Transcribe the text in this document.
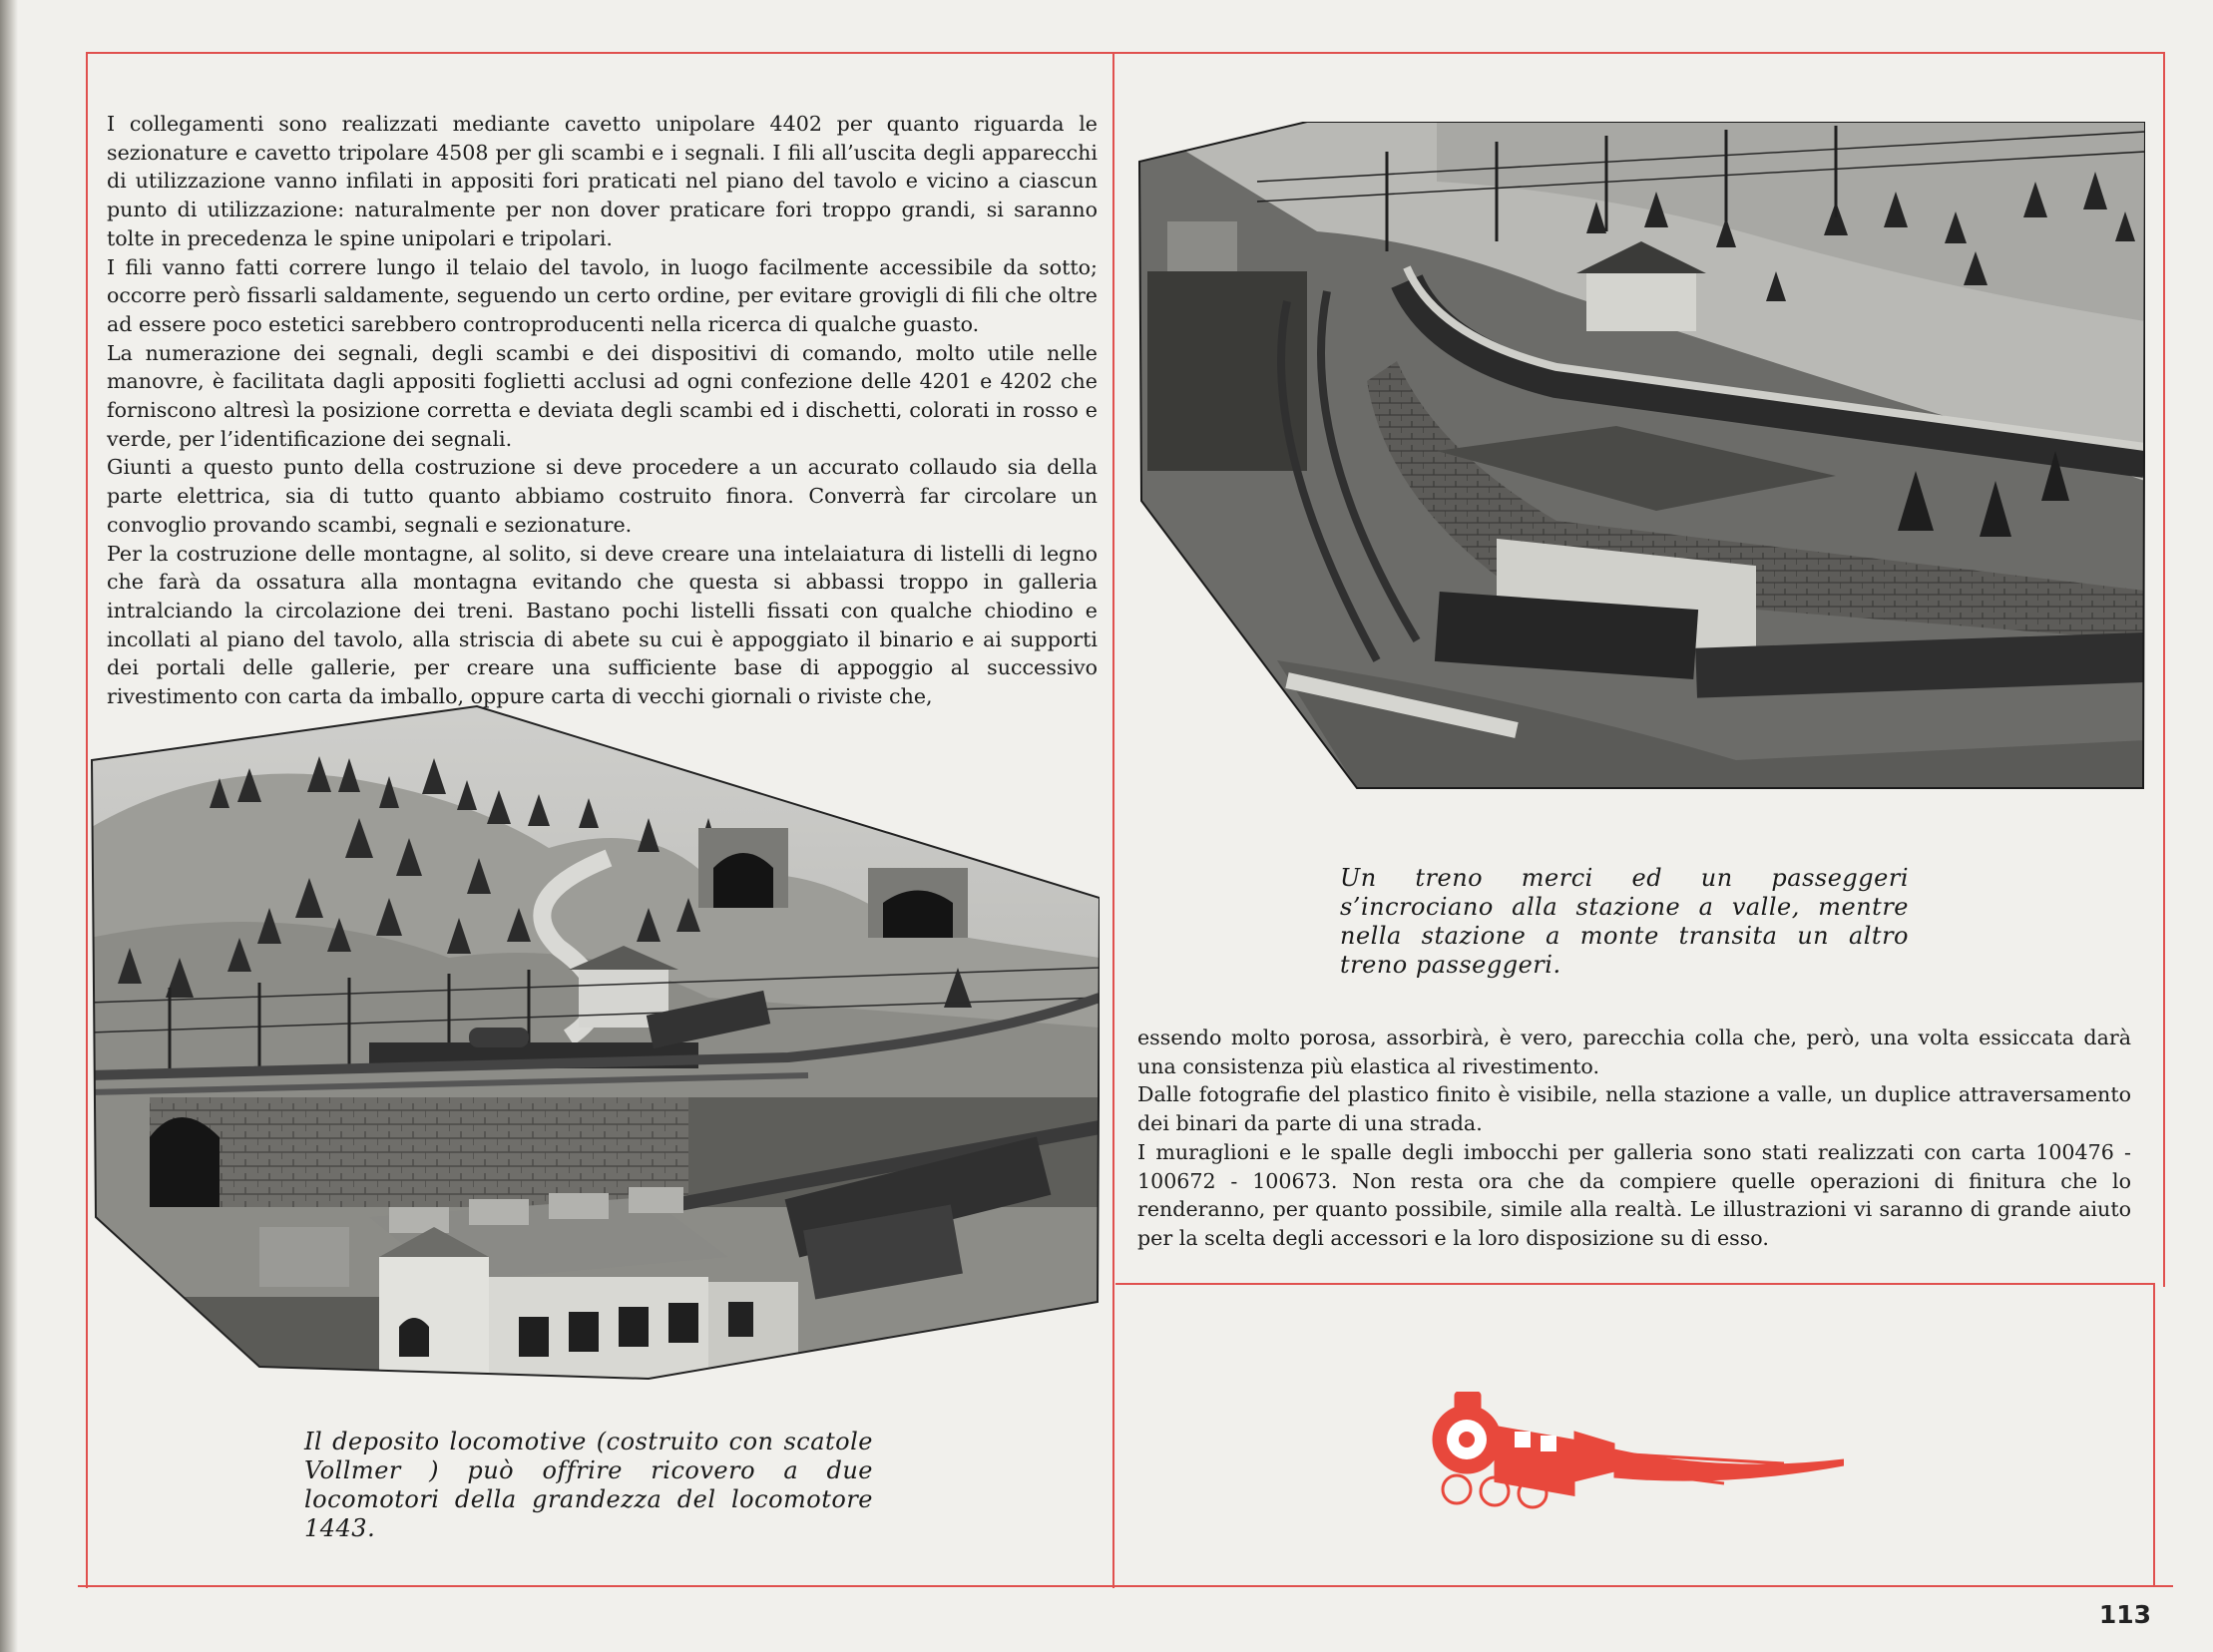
I collegamenti sono realizzati mediante cavetto unipolare 4402 per quanto riguarda le sezionature e cavetto tripolare 4508 per gli scambi e i segnali. I fili all’uscita degli apparecchi di utilizzazione vanno infilati in appositi fori praticati nel piano del tavolo e vicino a ciascun punto di utilizzazione: naturalmente per non dover praticare fori troppo grandi, si saranno tolte in precedenza le spine unipolari e tripolari.

I fili vanno fatti correre lungo il telaio del tavolo, in luogo facilmente accessibile da sotto; occorre però fissarli saldamente, seguendo un certo ordine, per evitare grovigli di fili che oltre ad essere poco estetici sarebbero controproducenti nella ricerca di qualche guasto.

La numerazione dei segnali, degli scambi e dei dispositivi di comando, molto utile nelle manovre, è facilitata dagli appositi foglietti acclusi ad ogni confezione delle 4201 e 4202 che forniscono altresì la posizione corretta e deviata degli scambi ed i dischetti, colorati in rosso e verde, per l’identificazione dei segnali.

Giunti a questo punto della costruzione si deve procedere a un accurato collaudo sia della parte elettrica, sia di tutto quanto abbiamo costruito finora. Converrà far circolare un convoglio provando scambi, segnali e sezionature.

Per la costruzione delle montagne, al solito, si deve creare una intelaiatura di listelli di legno che farà da ossatura alla montagna evitando che questa si abbassi troppo in galleria intralciando la circolazione dei treni. Bastano pochi listelli fissati con qualche chiodino e incollati al piano del tavolo, alla striscia di abete su cui è appoggiato il binario e ai supporti dei portali delle gallerie, per creare una sufficiente base di appoggio al successivo rivestimento con carta da imballo, oppure carta di vecchi giornali o riviste che,

Il deposito locomotive (costruito con scatole Vollmer ) può offrire ricovero a due locomotori della grandezza del locomotore 1443.
Un treno merci ed un passeggeri s’incrociano alla stazione a valle, mentre nella stazione a monte transita un altro treno passeggeri.

essendo molto porosa, assorbirà, è vero, parecchia colla che, però, una volta essiccata darà una consistenza più elastica al rivestimento.

Dalle fotografie del plastico finito è visibile, nella stazione a valle, un duplice attraversamento dei binari da parte di una strada.

I muraglioni e le spalle degli imbocchi per galleria sono stati realizzati con carta 100476 - 100672 - 100673. Non resta ora che da compiere quelle operazioni di finitura che lo renderanno, per quanto possibile, simile alla realtà. Le illustrazioni vi saranno di grande aiuto per la scelta degli accessori e la loro disposizione su di esso.

113
